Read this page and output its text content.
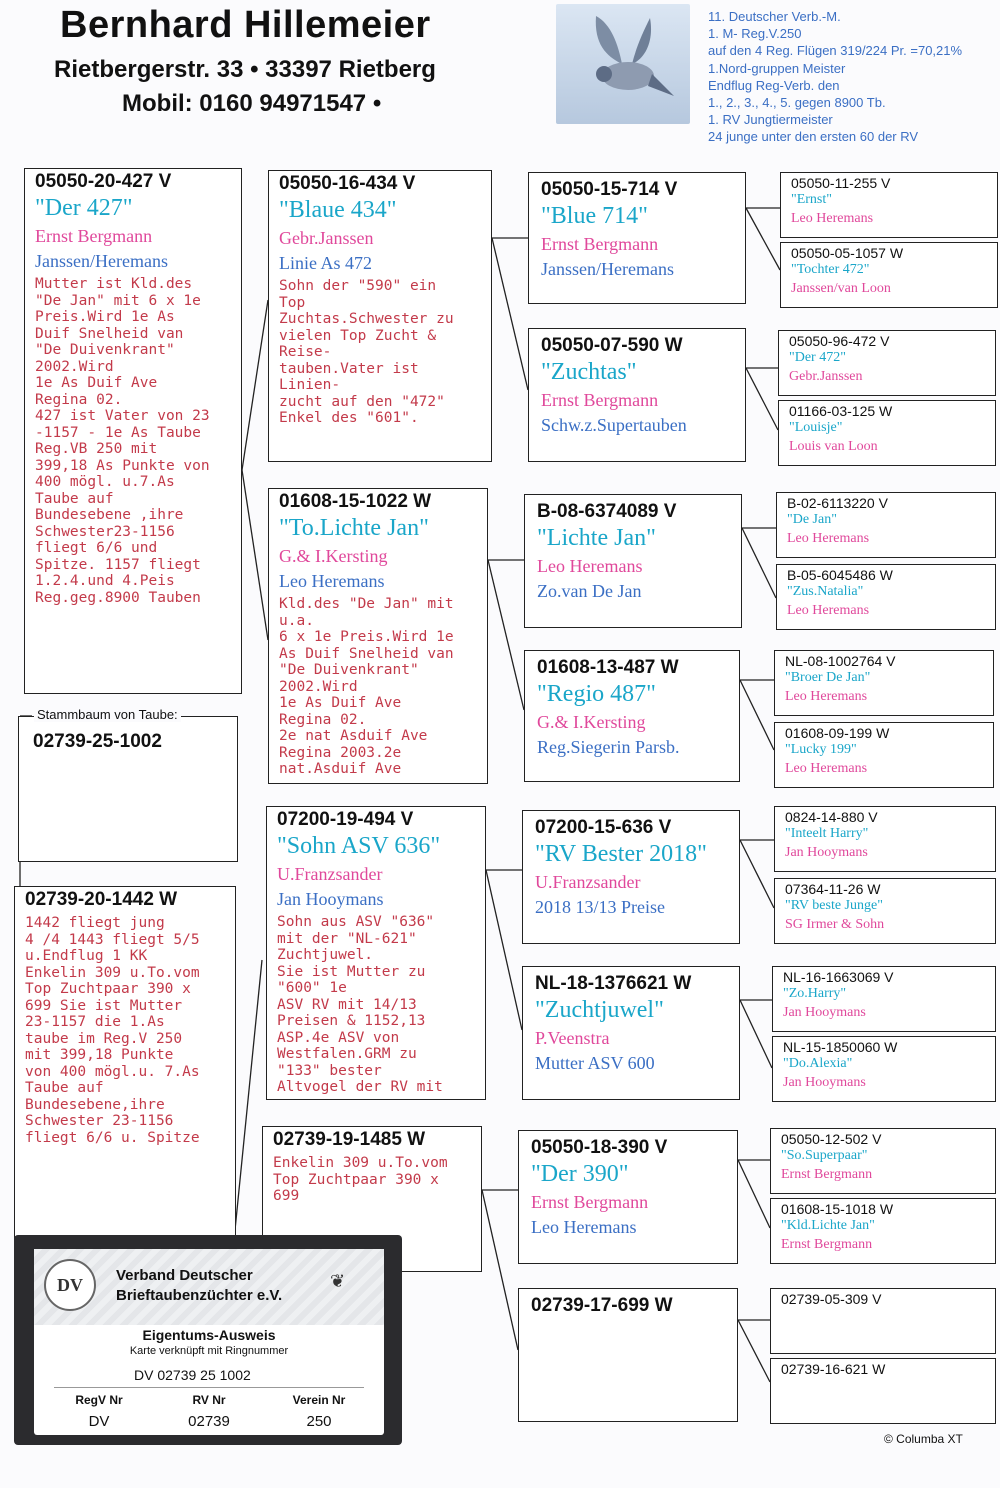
Bernhard Hillemeier
Rietbergerstr. 33 • 33397 Rietberg
Mobil: 0160 94971547 •
11. Deutscher Verb.-M.
1. M- Reg.V.250
auf den 4 Reg. Flügen 319/224 Pr. =70,21%
1.Nord-gruppen Meister
Endflug Reg-Verb. den
1., 2., 3., 4., 5. gegen 8900 Tb.
1. RV Jungtiermeister
24 junge unter den ersten 60 der RV
05050-20-427 V
"Der 427"
Ernst Bergmann
Janssen/Heremans
Mutter ist Kld.des
"De Jan" mit 6 x 1e
Preis.Wird 1e As
Duif Snelheid van
"De Duivenkrant"
2002.Wird
1e As Duif Ave
Regina 02.
427 ist Vater von 23
-1157 - 1e As Taube
Reg.VB 250 mit
399,18 As Punkte von
400 mögl. u.7.As
Taube auf
Bundesebene ,ihre
Schwester23-1156
fliegt 6/6 und
Spitze. 1157 fliegt
1.2.4.und 4.Peis
Reg.geg.8900 Tauben
02739-25-1002
Stammbaum von Taube:
02739-20-1442 W
1442 fliegt jung
4 /4 1443 fliegt 5/5
u.Endflug 1 KK
Enkelin 309 u.To.vom
Top Zuchtpaar 390 x
699 Sie ist Mutter
23-1157 die 1.As
taube im Reg.V 250
mit 399,18 Punkte
von 400 mögl.u. 7.As
Taube auf
Bundesebene,ihre
Schwester 23-1156
fliegt 6/6 u. Spitze
05050-16-434 V
"Blaue 434"
Gebr.Janssen
Linie As 472
Sohn der "590" ein
Top
Zuchtas.Schwester zu
vielen Top Zucht &
Reise-
tauben.Vater ist
Linien-
zucht auf den "472"
Enkel des "601".
01608-15-1022 W
"To.Lichte Jan"
G.& I.Kersting
Leo Heremans
Kld.des "De Jan" mit
u.a.
6 x 1e Preis.Wird 1e
As Duif Snelheid van
"De Duivenkrant"
2002.Wird
1e As Duif Ave
Regina 02.
2e nat Asduif Ave
Regina 2003.2e
nat.Asduif Ave
07200-19-494 V
"Sohn ASV 636"
U.Franzsander
Jan Hooymans
Sohn aus ASV "636"
mit der "NL-621"
Zuchtjuwel.
Sie ist Mutter zu
"600" 1e
ASV RV mit 14/13
Preisen & 1152,13
ASP.4e ASV von
Westfalen.GRM zu
"133" bester
Altvogel der RV mit
02739-19-1485 W
Enkelin 309 u.To.vom
Top Zuchtpaar 390 x
699
05050-15-714 V
"Blue 714"
Ernst Bergmann
Janssen/Heremans
05050-07-590 W
"Zuchtas"
Ernst Bergmann
Schw.z.Supertauben
B-08-6374089 V
"Lichte Jan"
Leo Heremans
Zo.van De Jan
01608-13-487 W
"Regio 487"
G.& I.Kersting
Reg.Siegerin Parsb.
07200-15-636 V
"RV Bester 2018"
U.Franzsander
2018 13/13 Preise
NL-18-1376621 W
"Zuchtjuwel"
P.Veenstra
Mutter ASV 600
05050-18-390 V
"Der 390"
Ernst Bergmann
Leo Heremans
02739-17-699 W
05050-11-255 V
"Ernst"
Leo Heremans
05050-05-1057 W
"Tochter 472"
Janssen/van Loon
05050-96-472 V
"Der 472"
Gebr.Janssen
01166-03-125 W
"Louisje"
Louis van Loon
B-02-6113220 V
"De Jan"
Leo Heremans
B-05-6045486 W
"Zus.Natalia"
Leo Heremans
NL-08-1002764 V
"Broer De Jan"
Leo Heremans
01608-09-199 W
"Lucky 199"
Leo Heremans
0824-14-880 V
"Inteelt Harry"
Jan Hooymans
07364-11-26 W
"RV beste Junge"
SG Irmer & Sohn
NL-16-1663069 V
"Zo.Harry"
Jan Hooymans
NL-15-1850060 W
"Do.Alexia"
Jan Hooymans
05050-12-502 V
"So.Superpaar"
Ernst Bergmann
01608-15-1018 W
"Kld.Lichte Jan"
Ernst Bergmann
02739-05-309 V
02739-16-621 W
DV	Verband Deutscher
Brieftaubenzüchter e.V.
❦
Eigentums-Ausweis
Karte verknüpft mit Ringnummer
DV 02739 25 1002
RegV Nr	RV Nr	Verein Nr
DV	02739	250
© Columba XT
